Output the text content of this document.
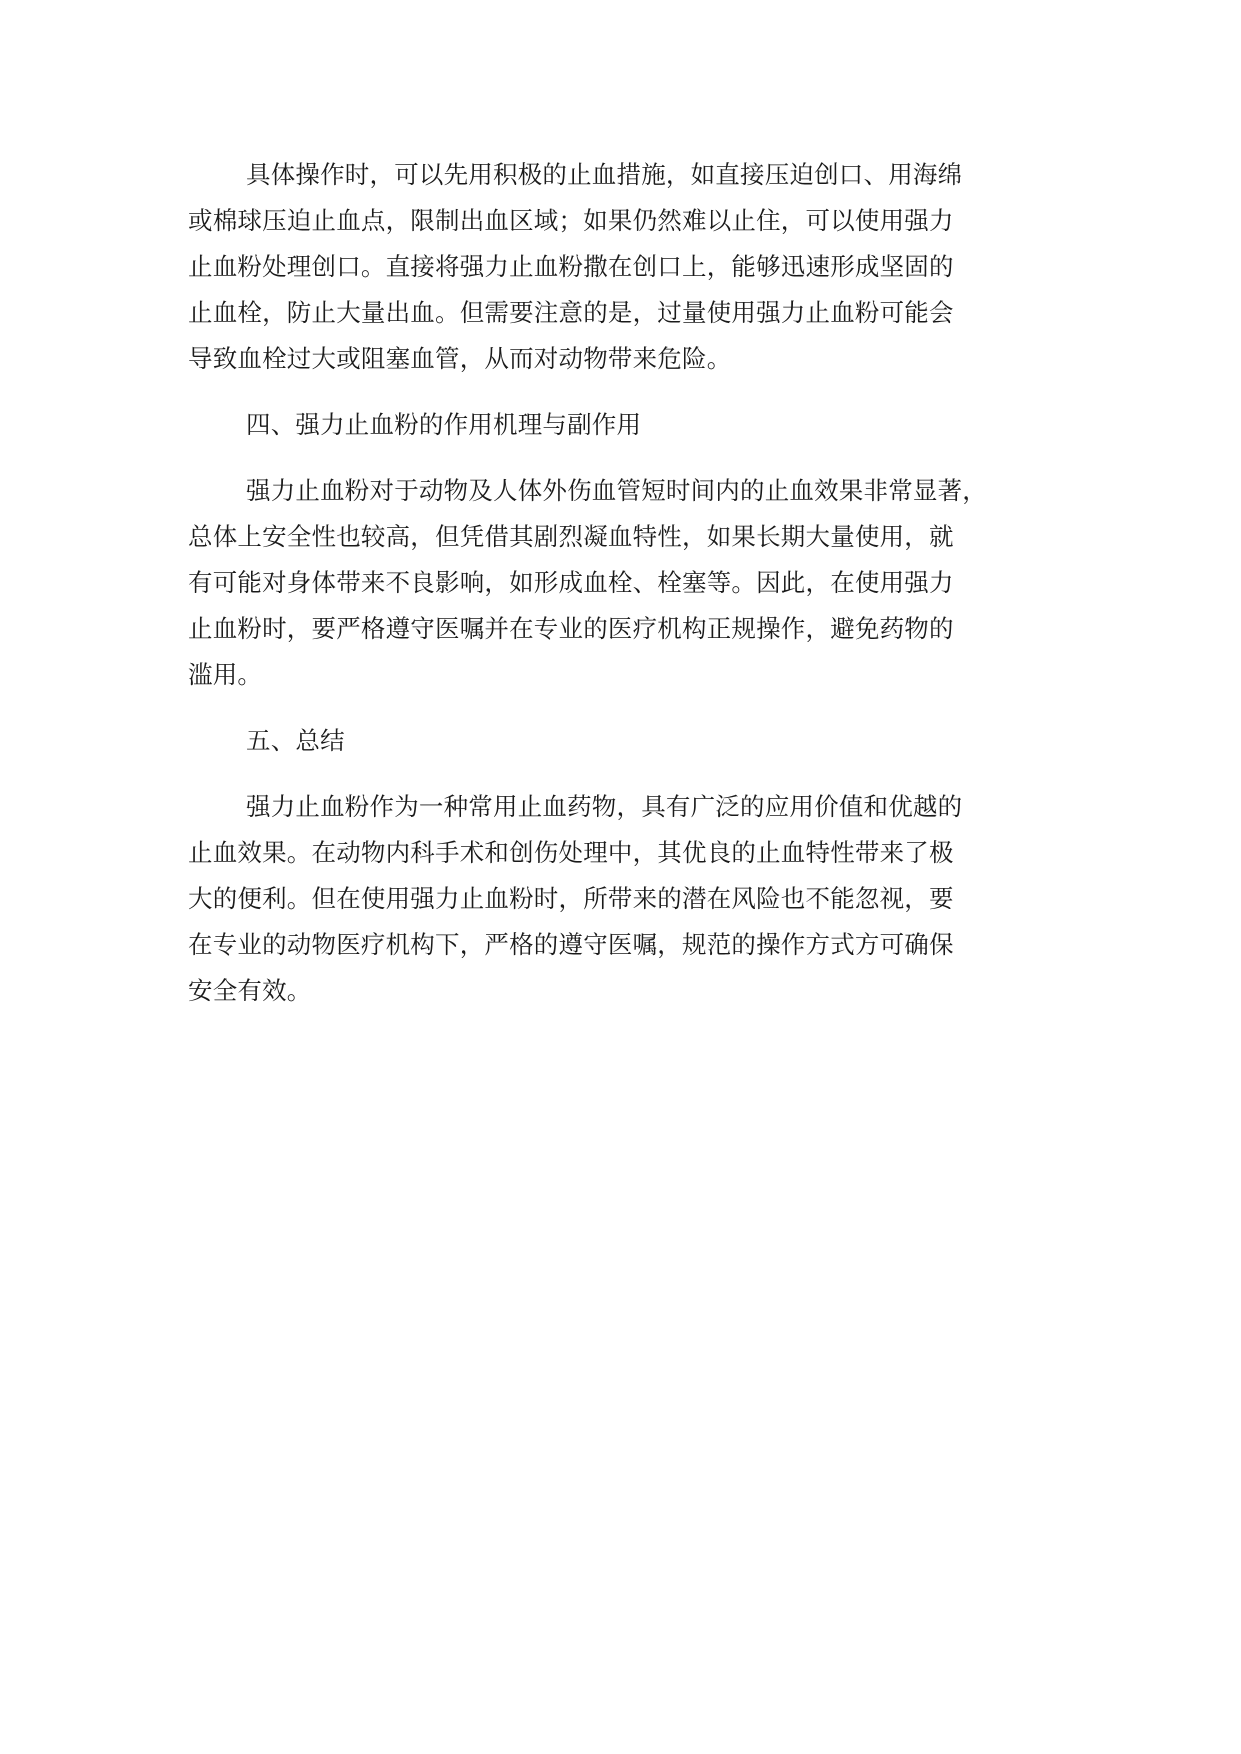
具体操作时，可以先用积极的止血措施，如直接压迫创口、用海绵
或棉球压迫止血点，限制出血区域；如果仍然难以止住，可以使用强力
止血粉处理创口。直接将强力止血粉撒在创口上，能够迅速形成坚固的
止血栓，防止大量出血。但需要注意的是，过量使用强力止血粉可能会
导致血栓过大或阻塞血管，从而对动物带来危险。
四、强力止血粉的作用机理与副作用
强力止血粉对于动物及人体外伤血管短时间内的止血效果非常显著，
总体上安全性也较高，但凭借其剧烈凝血特性，如果长期大量使用，就
有可能对身体带来不良影响，如形成血栓、栓塞等。因此，在使用强力
止血粉时，要严格遵守医嘱并在专业的医疗机构正规操作，避免药物的
滥用。
五、总结
强力止血粉作为一种常用止血药物，具有广泛的应用价值和优越的
止血效果。在动物内科手术和创伤处理中，其优良的止血特性带来了极
大的便利。但在使用强力止血粉时，所带来的潜在风险也不能忽视，要
在专业的动物医疗机构下，严格的遵守医嘱，规范的操作方式方可确保
安全有效。
